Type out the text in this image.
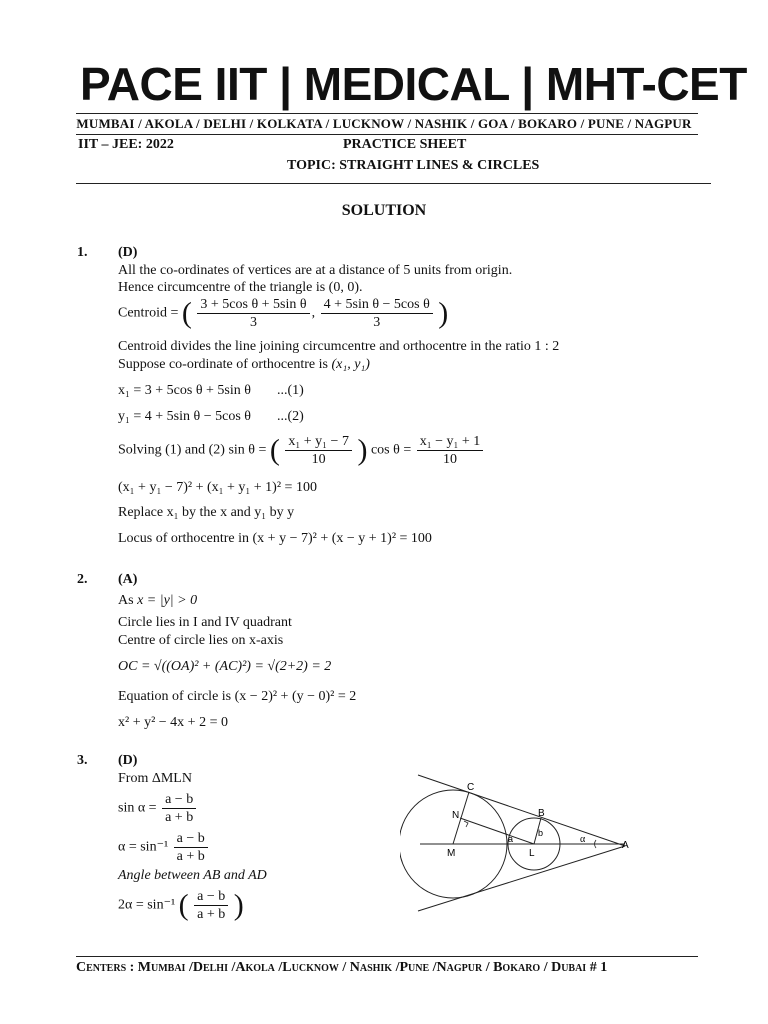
PACE IIT | MEDICAL | MHT-CET
MUMBAI / AKOLA / DELHI / KOLKATA / LUCKNOW / NASHIK / GOA / BOKARO / PUNE / NAGPUR
IIT – JEE: 2022	PRACTICE SHEET
TOPIC: STRAIGHT LINES & CIRCLES
SOLUTION
1. (D)
All the co-ordinates of vertices are at a distance of 5 units from origin.
Hence circumcentre of the triangle is (0, 0).
Centroid = ( $\frac{\text{3 + 5cos θ + 5sin θ}}{3}$ , $\frac{\text{4 + 5sin θ − 5cos θ}}{3}$ )
Centroid divides the line joining circumcentre and orthocentre in the ratio 1 : 2
Suppose co-ordinate of orthocentre is (x₁, y₁)
x₁ = 3 + 5cos θ + 5sin θ ...(1)
y₁ = 4 + 5sin θ − 5cos θ ...(2)
Solving (1) and (2) sin θ = ( $\frac{\text{x₁ + y₁ − 7}}{10}$ ) $\cos \theta = \frac{\text{x₁ − y₁ + 1}}{10}$
(x₁ + y₁ − 7)² + (x₁ + y₁ + 1)² = 100
Replace x₁ by the x and y₁ by y
Locus of orthocentre in (x + y − 7)² + (x − y + 1)² = 100
2. (A)
As x = |y| > 0
Circle lies in I and IV quadrant
Centre of circle lies on x-axis
OC = √((OA)² + (AC)²) = √(2+2) = 2
Equation of circle is (x − 2)² + (y − 0)² = 2
x² + y² − 4x + 2 = 0
3. (D)
From ΔMLN
$\sin \alpha = \frac{a - b}{a + b}$
$\alpha = \sin^{-1} \frac{a - b}{a + b}$
Angle between AB and AD
2α = sin⁻¹ ( $\frac{a - b}{a + b}$ )
C
B
N
M	L
A
a
b
α
Centers : Mumbai /Delhi /Akola /Lucknow / Nashik /Pune /Nagpur / Bokaro / Dubai # 1
